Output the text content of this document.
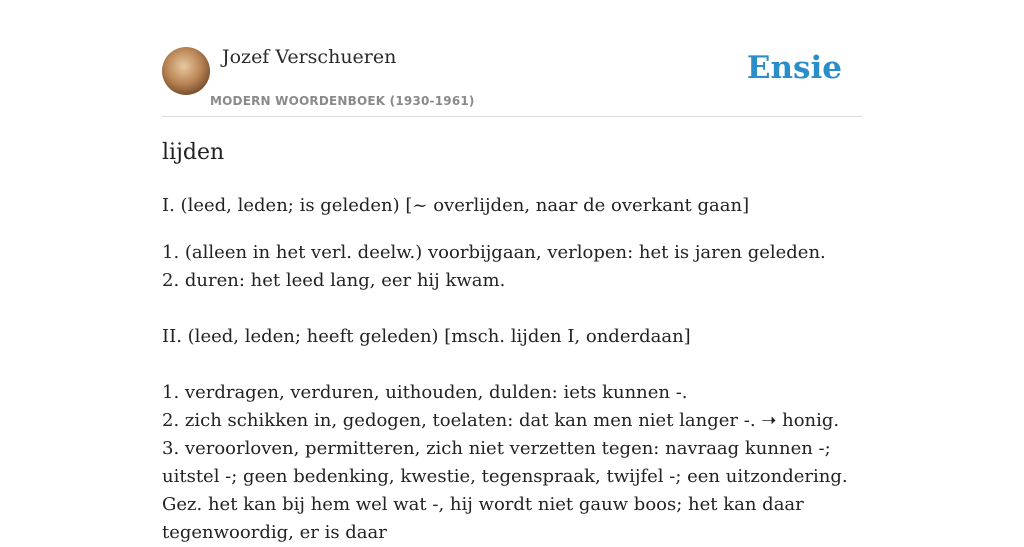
Jozef Verschueren
MODERN WOORDENBOEK (1930-1961)
Ensie
lijden

I. (leed, leden; is geleden) [~ overlijden, naar de overkant gaan]

1. (alleen in het verl. deelw.) voorbijgaan, verlopen: het is jaren geleden.

2. duren: het leed lang, eer hij kwam.

II. (leed, leden; heeft geleden) [msch. lijden I, onderdaan]

1. verdragen, verduren, uithouden, dulden: iets kunnen -.

2. zich schikken in, gedogen, toelaten: dat kan men niet langer -. ➝ honig.

3. veroorloven, permitteren, zich niet verzetten tegen: navraag kunnen -; uitstel -; geen bedenking, kwestie, tegenspraak, twijfel -; een uitzondering. Gez. het kan bij hem wel wat -, hij wordt niet gauw boos; het kan daar tegenwoordig, er is daar
